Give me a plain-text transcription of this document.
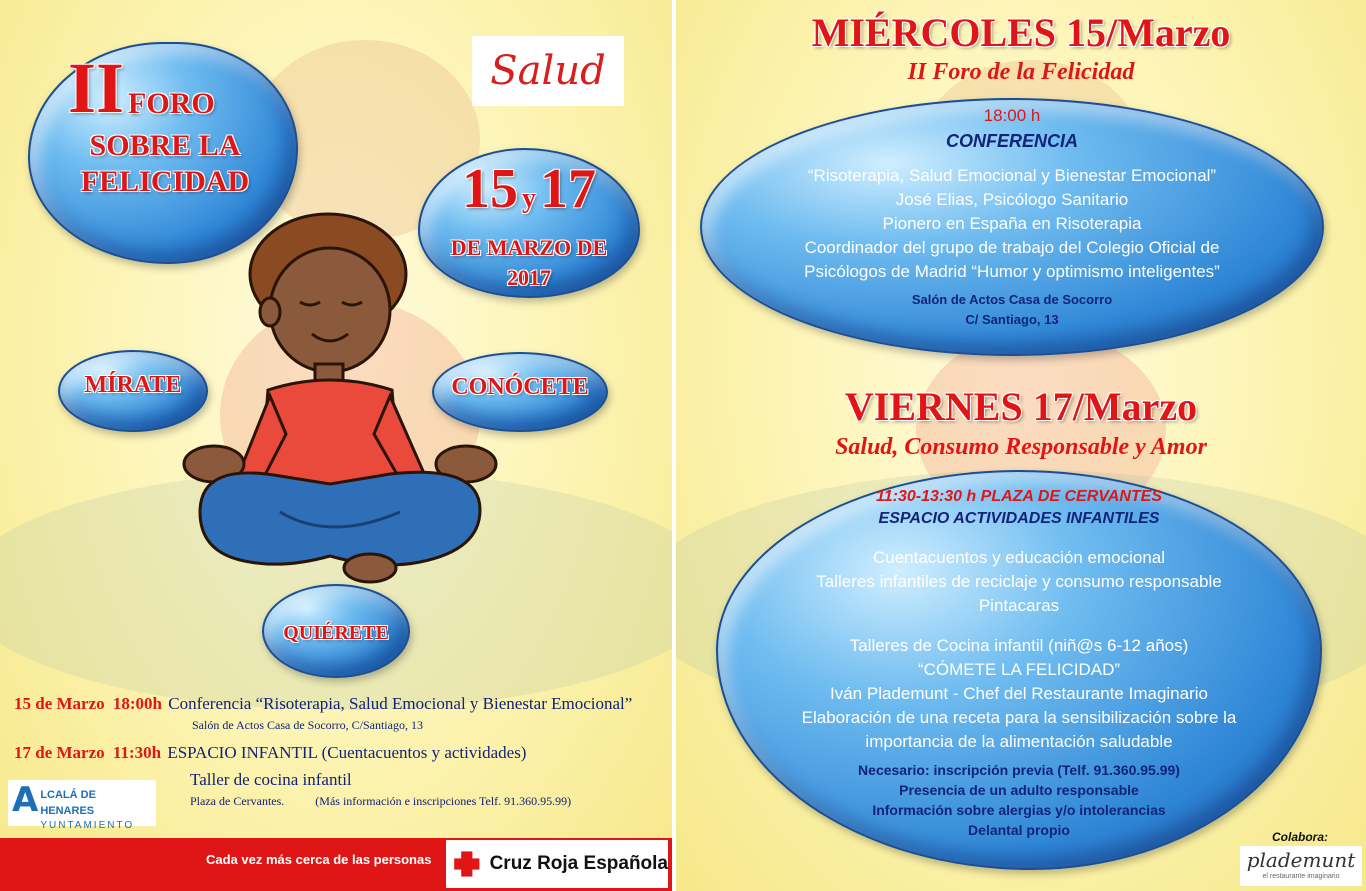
Salud
II FORO
SOBRE LA
FELICIDAD	15 y 17
DE MARZO DE
2017
MÍRATE	CONÓCETE
QUIÉRETE
15 de Marzo 18:00h Conferencia “Risoterapia, Salud Emocional y Bienestar Emocional”
Salón de Actos Casa de Socorro, C/Santiago, 13
17 de Marzo 11:30h ESPACIO INFANTIL (Cuentacuentos y actividades)
Taller de cocina infantil
Plaza de Cervantes.	(Más información e inscripciones Telf. 91.360.95.99)
A LCALÁ DE HENARES
YUNTAMIENTO
Cada vez más cerca de las personas	Cruz Roja Española
MIÉRCOLES 15/Marzo
II Foro de la Felicidad
18:00 h
CONFERENCIA
“Risoterapia, Salud Emocional y Bienestar Emocional”
José Elias, Psicólogo Sanitario
Pionero en España en Risoterapia
Coordinador del grupo de trabajo del Colegio Oficial de
Psicólogos de Madrid “Humor y optimismo inteligentes”
Salón de Actos Casa de Socorro
C/ Santiago, 13
VIERNES 17/Marzo
Salud, Consumo Responsable y Amor
11:30-13:30 h PLAZA DE CERVANTES
ESPACIO ACTIVIDADES INFANTILES
Cuentacuentos y educación emocional
Talleres infantiles de reciclaje y consumo responsable
Pintacaras
Talleres de Cocina infantil (niñ@s 6-12 años)
“CÓMETE LA FELICIDAD”
Iván Plademunt - Chef del Restaurante Imaginario
Elaboración de una receta para la sensibilización sobre la
importancia de la alimentación saludable
Necesario: inscripción previa (Telf. 91.360.95.99)
Presencia de un adulto responsable
Información sobre alergias y/o intolerancias
Delantal propio	Colabora:
plademunt
el restaurante imaginario
